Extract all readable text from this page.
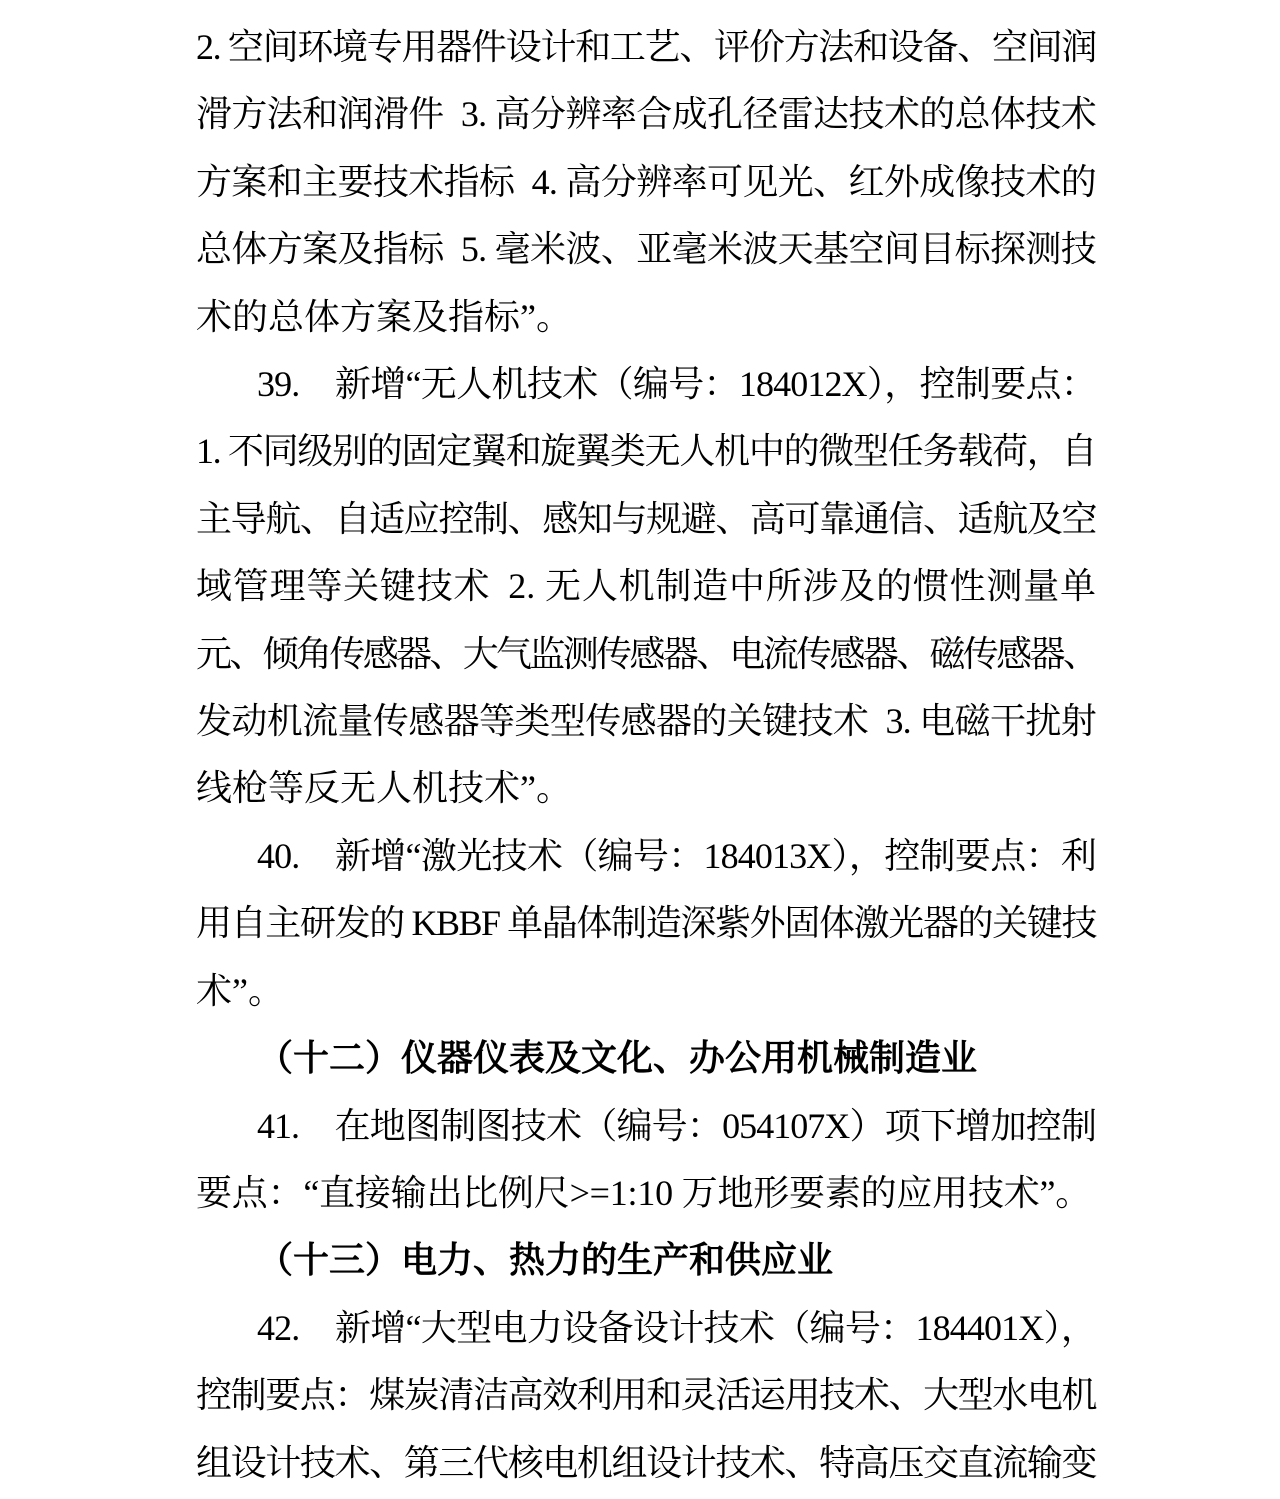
2. 空间环境专用器件设计和工艺、评价方法和设备、空间润
滑方法和润滑件 3. 高分辨率合成孔径雷达技术的总体技术
方案和主要技术指标 4. 高分辨率可见光、红外成像技术的
总体方案及指标 5. 毫米波、亚毫米波天基空间目标探测技
术的总体方案及指标”。
39.　新增“无人机技术（编号：184012X），控制要点：
1. 不同级别的固定翼和旋翼类无人机中的微型任务载荷，自
主导航、自适应控制、感知与规避、高可靠通信、适航及空
域管理等关键技术 2. 无人机制造中所涉及的惯性测量单
元、倾角传感器、大气监测传感器、电流传感器、磁传感器、
发动机流量传感器等类型传感器的关键技术 3. 电磁干扰射
线枪等反无人机技术”。
40.　新增“激光技术（编号：184013X），控制要点：利
用自主研发的 KBBF 单晶体制造深紫外固体激光器的关键技
术”。
（十二）仪器仪表及文化、办公用机械制造业
41.　在地图制图技术（编号：054107X）项下增加控制
要点：“直接输出比例尺>=1:10 万地形要素的应用技术”。
（十三）电力、热力的生产和供应业
42.　新增“大型电力设备设计技术（编号：184401X），
控制要点：煤炭清洁高效利用和灵活运用技术、大型水电机
组设计技术、第三代核电机组设计技术、特高压交直流输变
